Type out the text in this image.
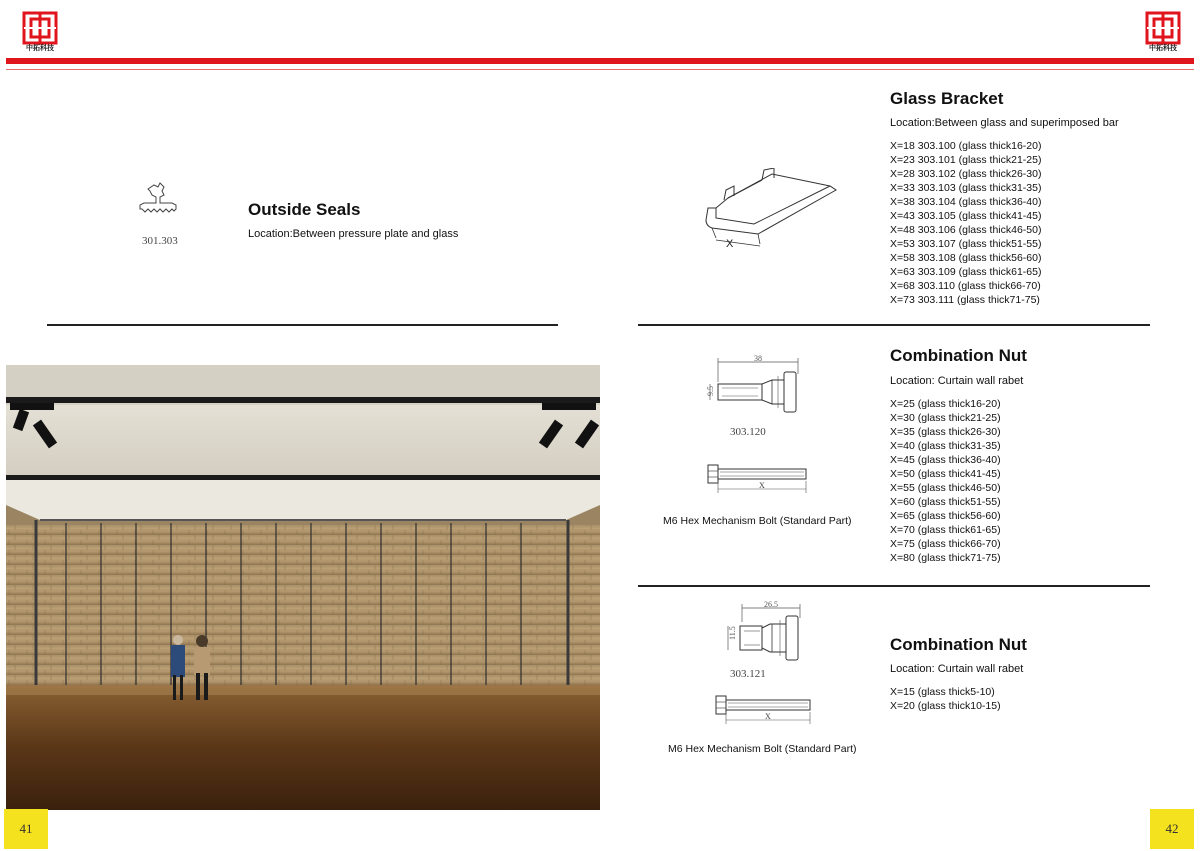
中拓科技	中拓科技
301.303
Outside Seals
Location:Between pressure plate and glass
41
X
Glass Bracket
Location:Between glass and superimposed bar
X=18 303.100 (glass thick16-20)
X=23 303.101 (glass thick21-25)
X=28 303.102 (glass thick26-30)
X=33 303.103 (glass thick31-35)
X=38 303.104 (glass thick36-40)
X=43 303.105 (glass thick41-45)
X=48 303.106 (glass thick46-50)
X=53 303.107 (glass thick51-55)
X=58 303.108 (glass thick56-60)
X=63 303.109 (glass thick61-65)
X=68 303.110 (glass thick66-70)
X=73 303.111 (glass thick71-75)
38
9.5
303.120
X
M6 Hex Mechanism Bolt (Standard Part)
Combination Nut
Location: Curtain wall rabet
X=25 (glass thick16-20)
X=30 (glass thick21-25)
X=35 (glass thick26-30)
X=40 (glass thick31-35)
X=45 (glass thick36-40)
X=50 (glass thick41-45)
X=55 (glass thick46-50)
X=60 (glass thick51-55)
X=65 (glass thick56-60)
X=70 (glass thick61-65)
X=75 (glass thick66-70)
X=80 (glass thick71-75)
26.5
11.5
303.121
X
M6 Hex Mechanism Bolt (Standard Part)
Combination Nut
Location: Curtain wall rabet
X=15 (glass thick5-10)
X=20 (glass thick10-15)
42
